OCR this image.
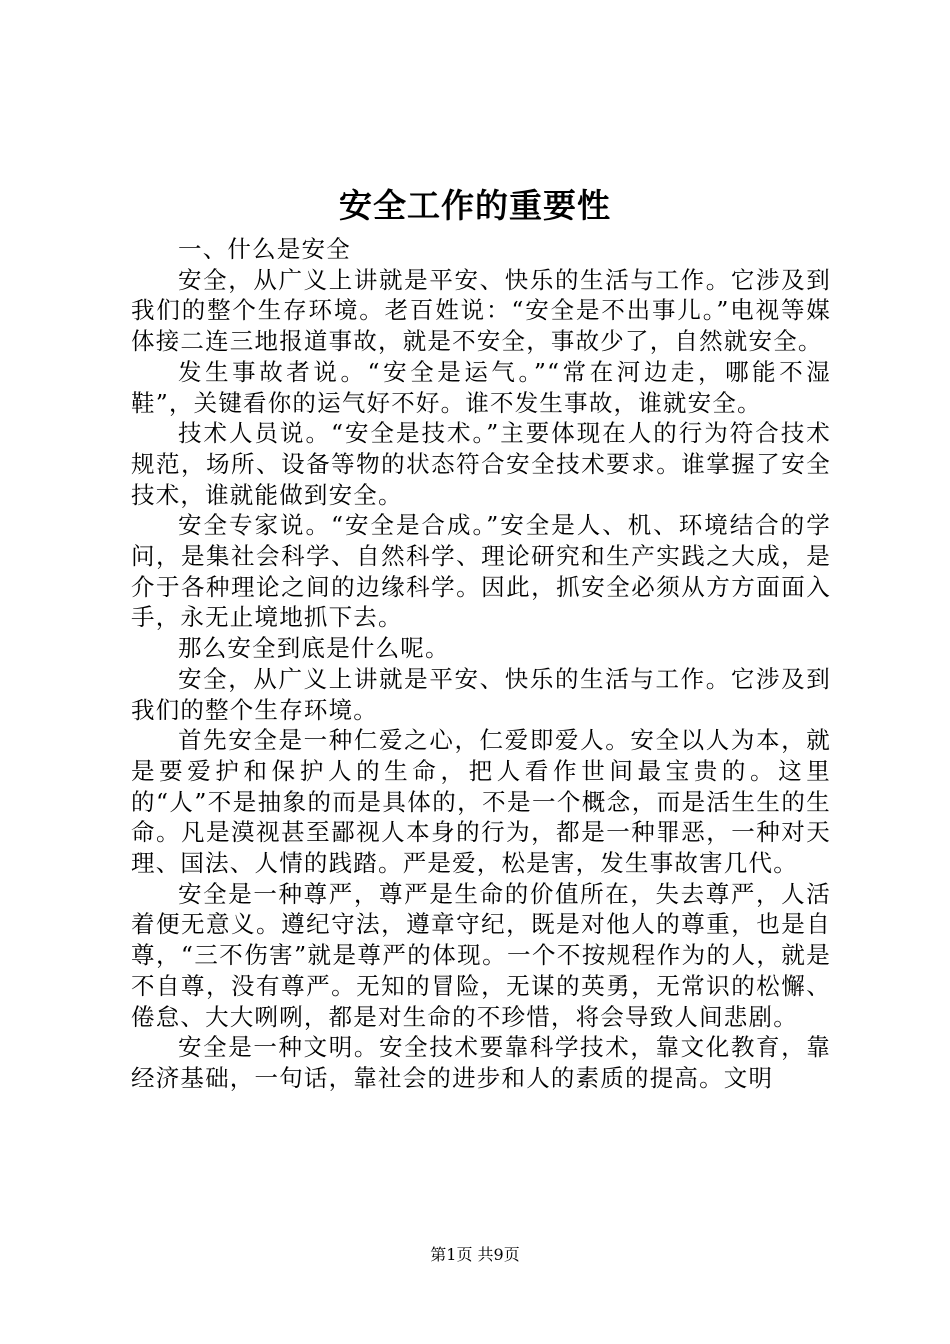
安全工作的重要性

一、什么是安全

安全，从广义上讲就是平安、快乐的生活与工作。它涉及到我们的整个生存环境。老百姓说：“安全是不出事儿。”电视等媒体接二连三地报道事故，就是不安全，事故少了，自然就安全。

发生事故者说。“安全是运气。”“常在河边走，哪能不湿鞋”，关键看你的运气好不好。谁不发生事故，谁就安全。

技术人员说。“安全是技术。”主要体现在人的行为符合技术规范，场所、设备等物的状态符合安全技术要求。谁掌握了安全技术，谁就能做到安全。

安全专家说。“安全是合成。”安全是人、机、环境结合的学问，是集社会科学、自然科学、理论研究和生产实践之大成，是介于各种理论之间的边缘科学。因此，抓安全必须从方方面面入手，永无止境地抓下去。

那么安全到底是什么呢。

安全，从广义上讲就是平安、快乐的生活与工作。它涉及到我们的整个生存环境。

首先安全是一种仁爱之心，仁爱即爱人。安全以人为本，就是要爱护和保护人的生命，把人看作世间最宝贵的。这里的“人”不是抽象的而是具体的，不是一个概念，而是活生生的生命。凡是漠视甚至鄙视人本身的行为，都是一种罪恶，一种对天理、国法、人情的践踏。严是爱，松是害，发生事故害几代。

安全是一种尊严，尊严是生命的价值所在，失去尊严，人活着便无意义。遵纪守法，遵章守纪，既是对他人的尊重，也是自尊，“三不伤害”就是尊严的体现。一个不按规程作为的人，就是不自尊，没有尊严。无知的冒险，无谋的英勇，无常识的松懈、倦怠、大大咧咧，都是对生命的不珍惜，将会导致人间悲剧。

安全是一种文明。安全技术要靠科学技术，靠文化教育，靠经济基础，一句话，靠社会的进步和人的素质的提高。文明

第1页 共9页
